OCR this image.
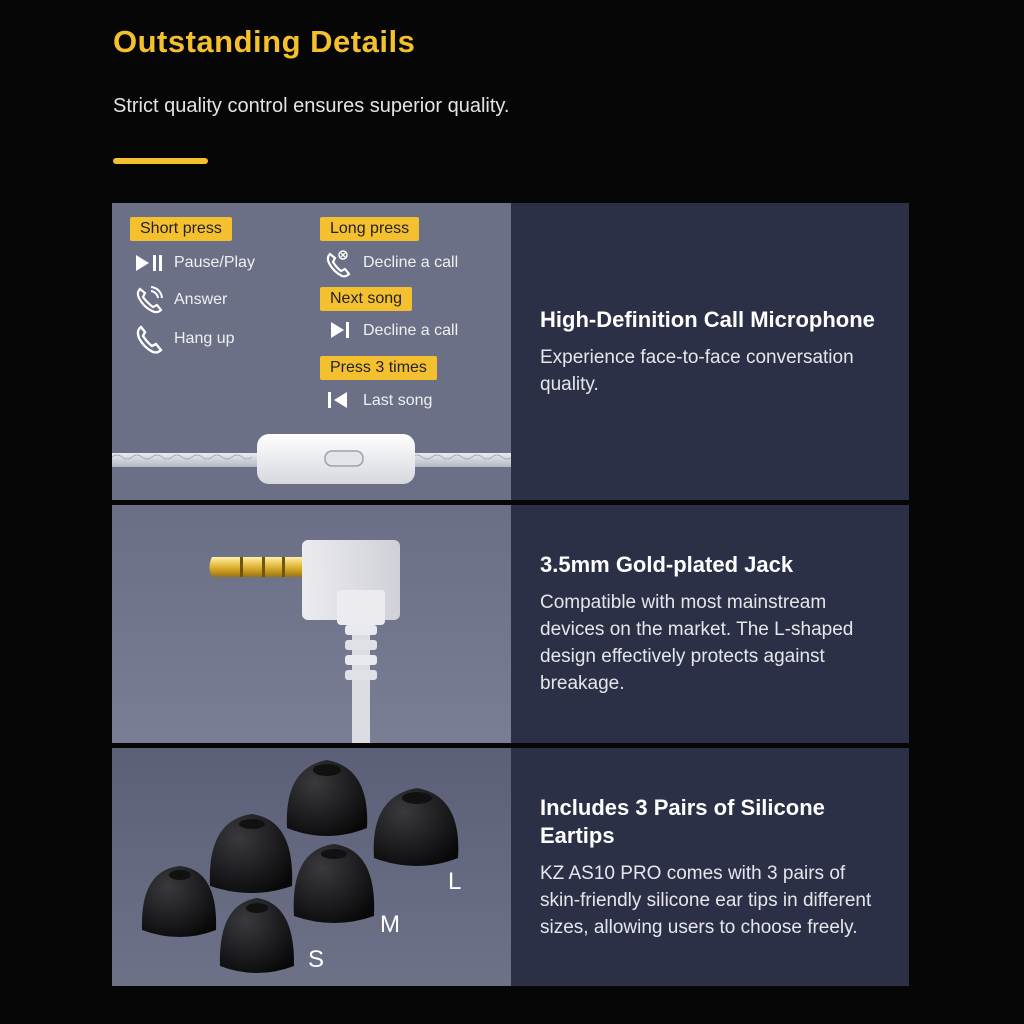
Outstanding Details

Strict quality control ensures superior quality.

Short press
Pause/Play
Answer
Hang up
Long press
Decline a call
Next song
Decline a call
Press 3 times
Last song
High-Definition Call Microphone

Experience face-to-face conversation quality.

3.5mm Gold-plated Jack

Compatible with most mainstream devices on the market. The L-shaped design effectively protects against breakage.

L
M
S
Includes 3 Pairs of Silicone Eartips

KZ AS10 PRO comes with 3 pairs of skin-friendly silicone ear tips in different sizes, allowing users to choose freely.
